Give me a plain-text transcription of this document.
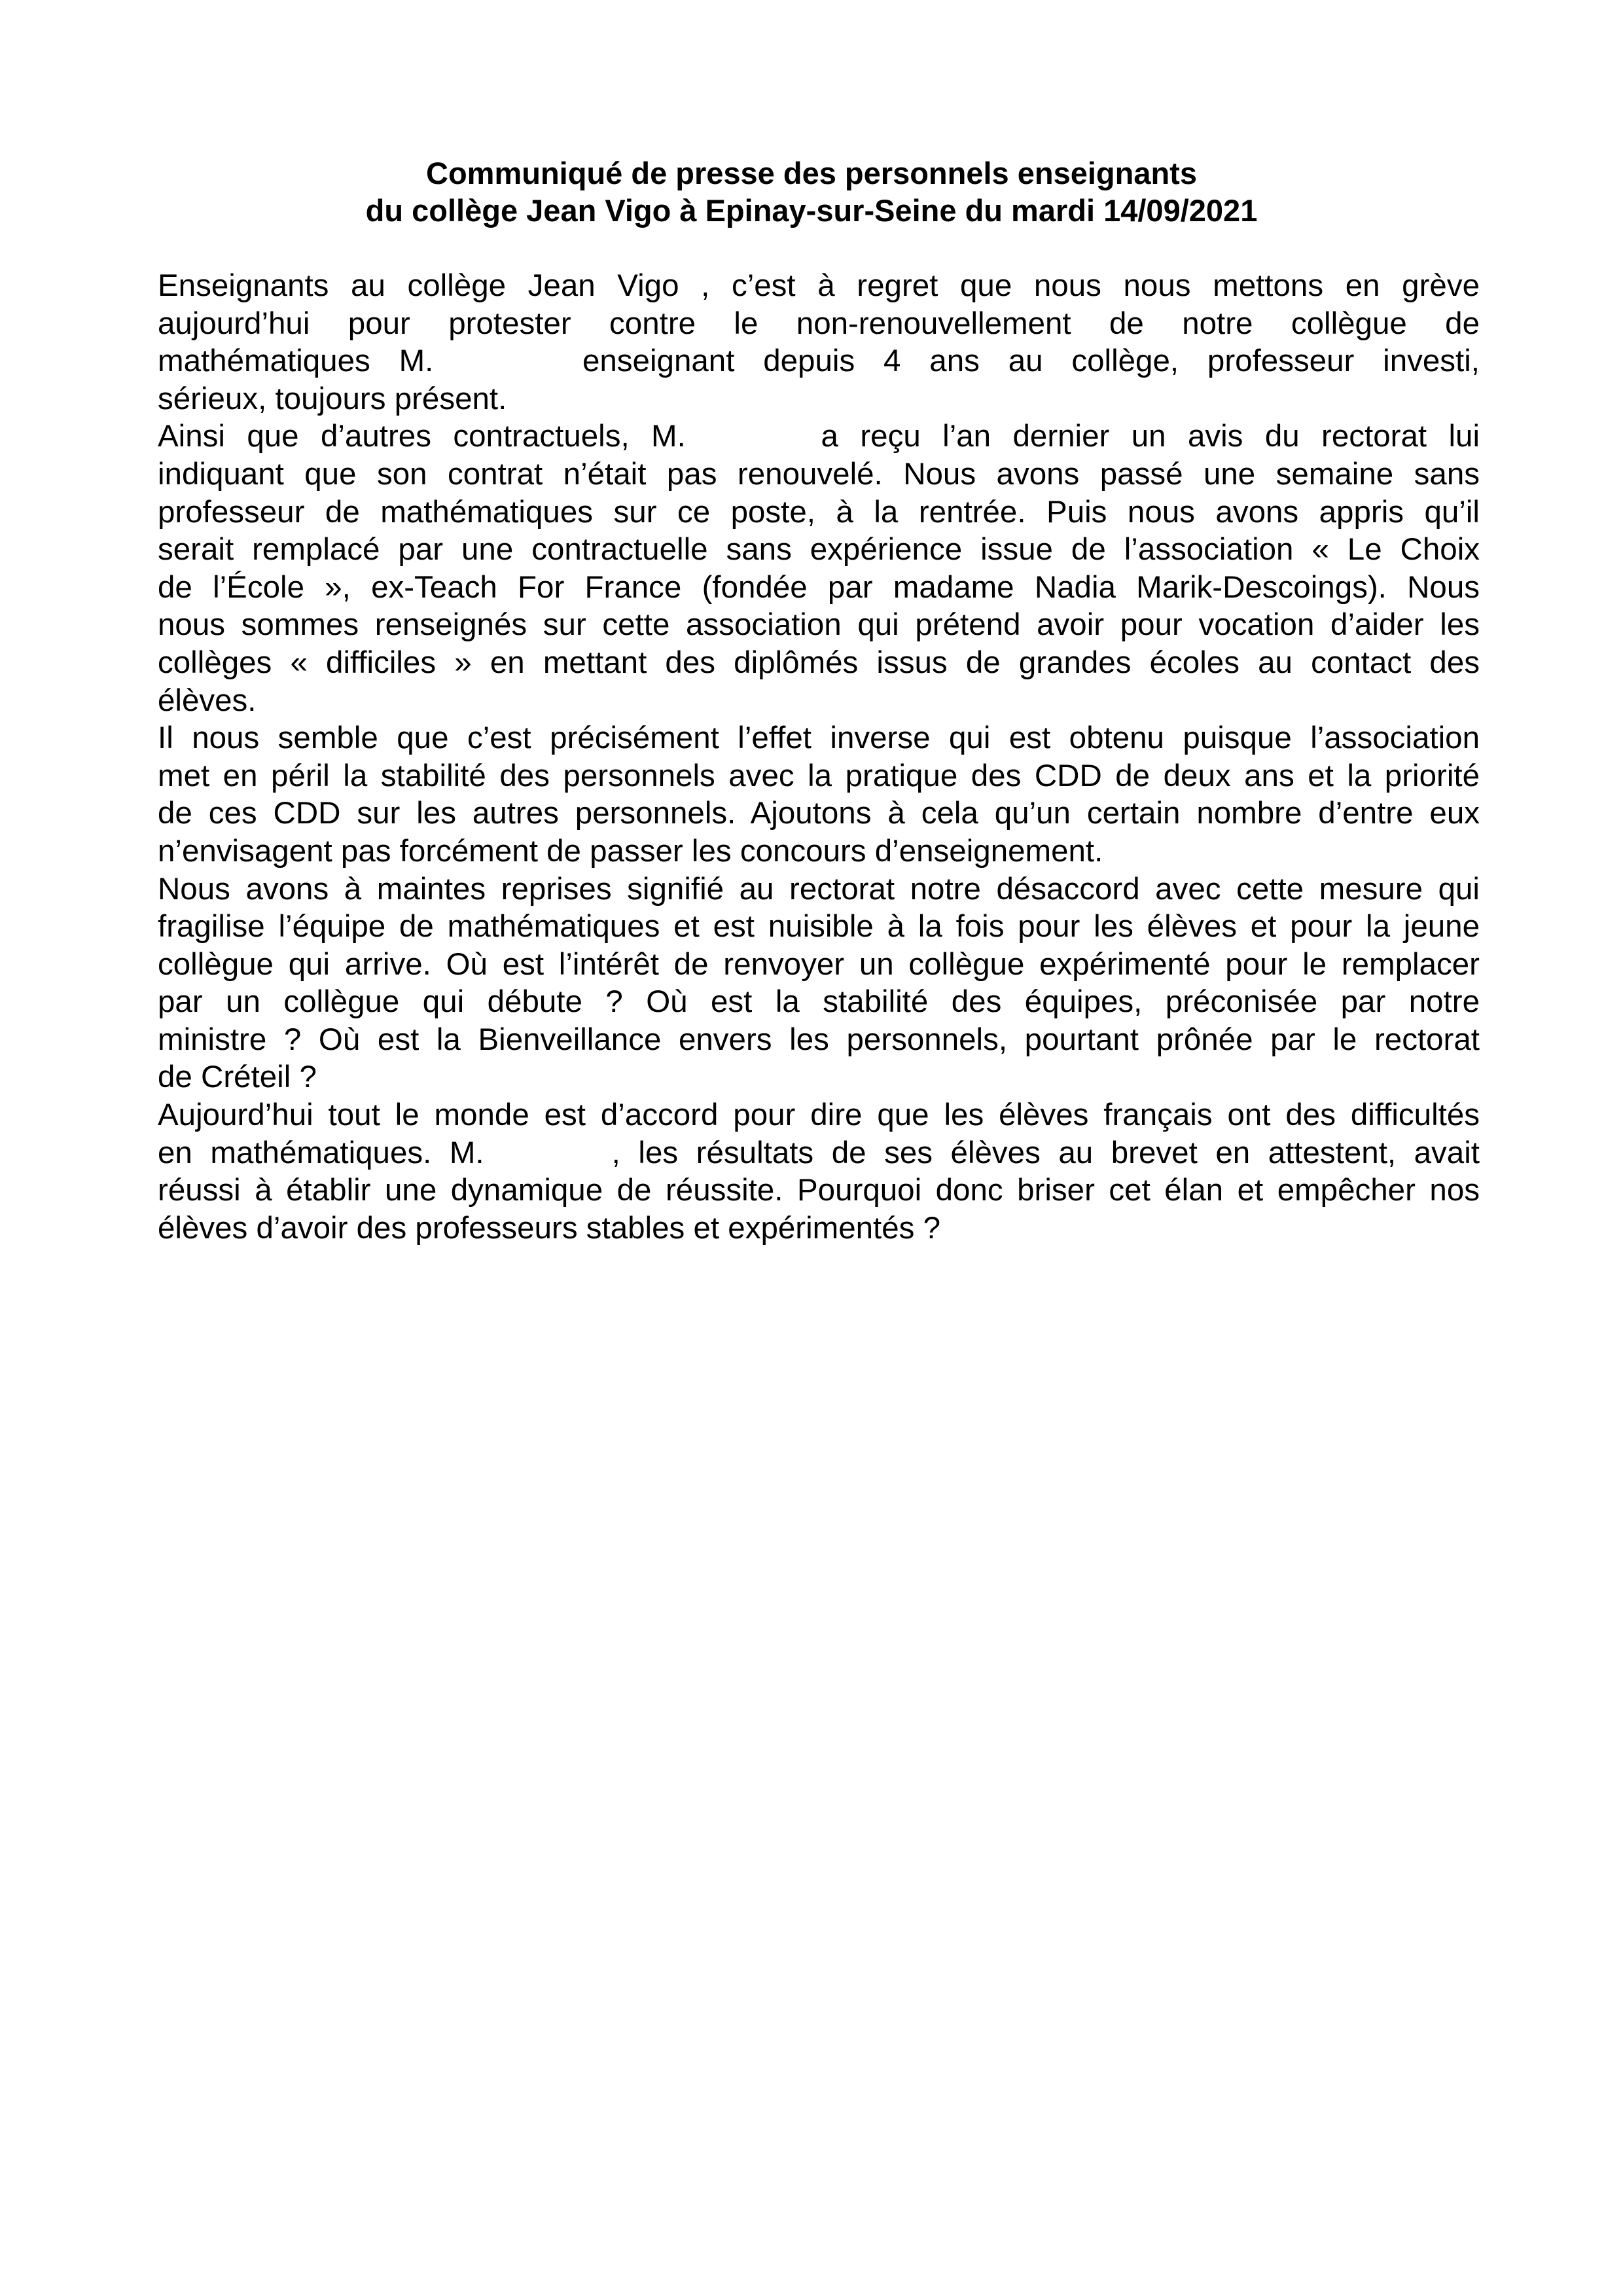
Communiqué de presse des personnels enseignants
du collège Jean Vigo à Epinay-sur-Seine du mardi 14/09/2021
Enseignants au collège Jean Vigo , c’est à regret que nous nous mettons en grève
aujourd’hui pour protester contre le non-renouvellement de notre collègue de
mathématiques M. [blank] enseignant depuis 4 ans au collège, professeur investi,
sérieux, toujours présent.
Ainsi que d’autres contractuels, M. [blank] a reçu l’an dernier un avis du rectorat lui
indiquant que son contrat n’était pas renouvelé. Nous avons passé une semaine sans
professeur de mathématiques sur ce poste, à la rentrée. Puis nous avons appris qu’il
serait remplacé par une contractuelle sans expérience issue de l’association « Le Choix
de l’École », ex-Teach For France (fondée par madame Nadia Marik-Descoings). Nous
nous sommes renseignés sur cette association qui prétend avoir pour vocation d’aider les
collèges « difficiles » en mettant des diplômés issus de grandes écoles au contact des
élèves.
Il nous semble que c’est précisément l’effet inverse qui est obtenu puisque l’association
met en péril la stabilité des personnels avec la pratique des CDD de deux ans et la priorité
de ces CDD sur les autres personnels. Ajoutons à cela qu’un certain nombre d’entre eux
n’envisagent pas forcément de passer les concours d’enseignement.
Nous avons à maintes reprises signifié au rectorat notre désaccord avec cette mesure qui
fragilise l’équipe de mathématiques et est nuisible à la fois pour les élèves et pour la jeune
collègue qui arrive. Où est l’intérêt de renvoyer un collègue expérimenté pour le remplacer
par un collègue qui débute ? Où est la stabilité des équipes, préconisée par notre
ministre ? Où est la Bienveillance envers les personnels, pourtant prônée par le rectorat
de Créteil ?
Aujourd’hui tout le monde est d’accord pour dire que les élèves français ont des difficultés
en mathématiques. M. [blank] , les résultats de ses élèves au brevet en attestent, avait
réussi à établir une dynamique de réussite. Pourquoi donc briser cet élan et empêcher nos
élèves d’avoir des professeurs stables et expérimentés ?
